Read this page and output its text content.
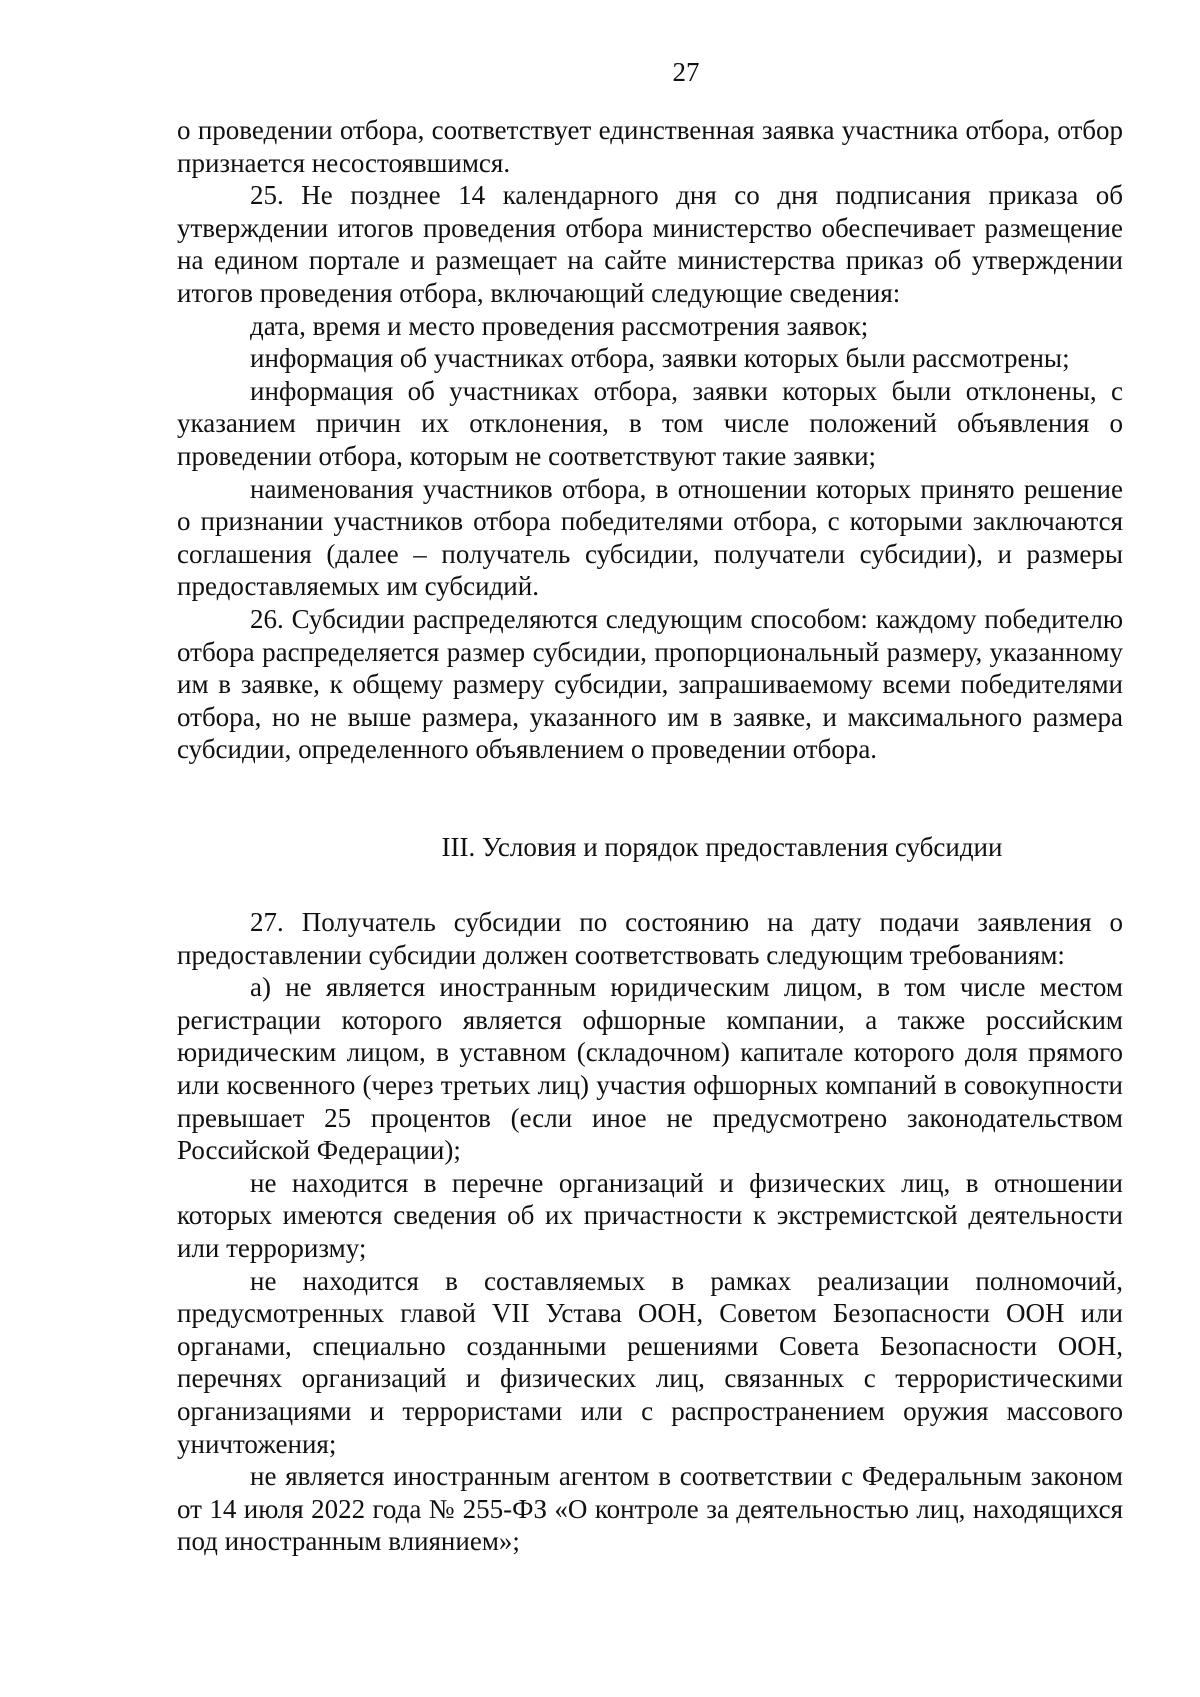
27

о проведении отбора, соответствует единственная заявка участника отбора, отбор признается несостоявшимся.

25. Не позднее 14 календарного дня со дня подписания приказа об утверждении итогов проведения отбора министерство обеспечивает размещение на едином портале и размещает на сайте министерства приказ об утверждении итогов проведения отбора, включающий следующие сведения:

дата, время и место проведения рассмотрения заявок;

информация об участниках отбора, заявки которых были рассмотрены;

информация об участниках отбора, заявки которых были отклонены, с указанием причин их отклонения, в том числе положений объявления о проведении отбора, которым не соответствуют такие заявки;

наименования участников отбора, в отношении которых принято решение о признании участников отбора победителями отбора, с которыми заключаются соглашения (далее – получатель субсидии, получатели субсидии), и размеры предоставляемых им субсидий.

26. Субсидии распределяются следующим способом: каждому победителю отбора распределяется размер субсидии, пропорциональный размеру, указанному им в заявке, к общему размеру субсидии, запрашиваемому всеми победителями отбора, но не выше размера, указанного им в заявке, и максимального размера субсидии, определенного объявлением о проведении отбора.

III. Условия и порядок предоставления субсидии

27. Получатель субсидии по состоянию на дату подачи заявления о предоставлении субсидии должен соответствовать следующим требованиям:

а) не является иностранным юридическим лицом, в том числе местом регистрации которого является офшорные компании, а также российским юридическим лицом, в уставном (складочном) капитале которого доля прямого или косвенного (через третьих лиц) участия офшорных компаний в совокупности превышает 25 процентов (если иное не предусмотрено законодательством Российской Федерации);

не находится в перечне организаций и физических лиц, в отношении которых имеются сведения об их причастности к экстремистской деятельности или терроризму;

не находится в составляемых в рамках реализации полномочий, предусмотренных главой VII Устава ООН, Советом Безопасности ООН или органами, специально созданными решениями Совета Безопасности ООН, перечнях организаций и физических лиц, связанных с террористическими организациями и террористами или с распространением оружия массового уничтожения;

не является иностранным агентом в соответствии с Федеральным законом от 14 июля 2022 года № 255-ФЗ «О контроле за деятельностью лиц, находящихся под иностранным влиянием»;
